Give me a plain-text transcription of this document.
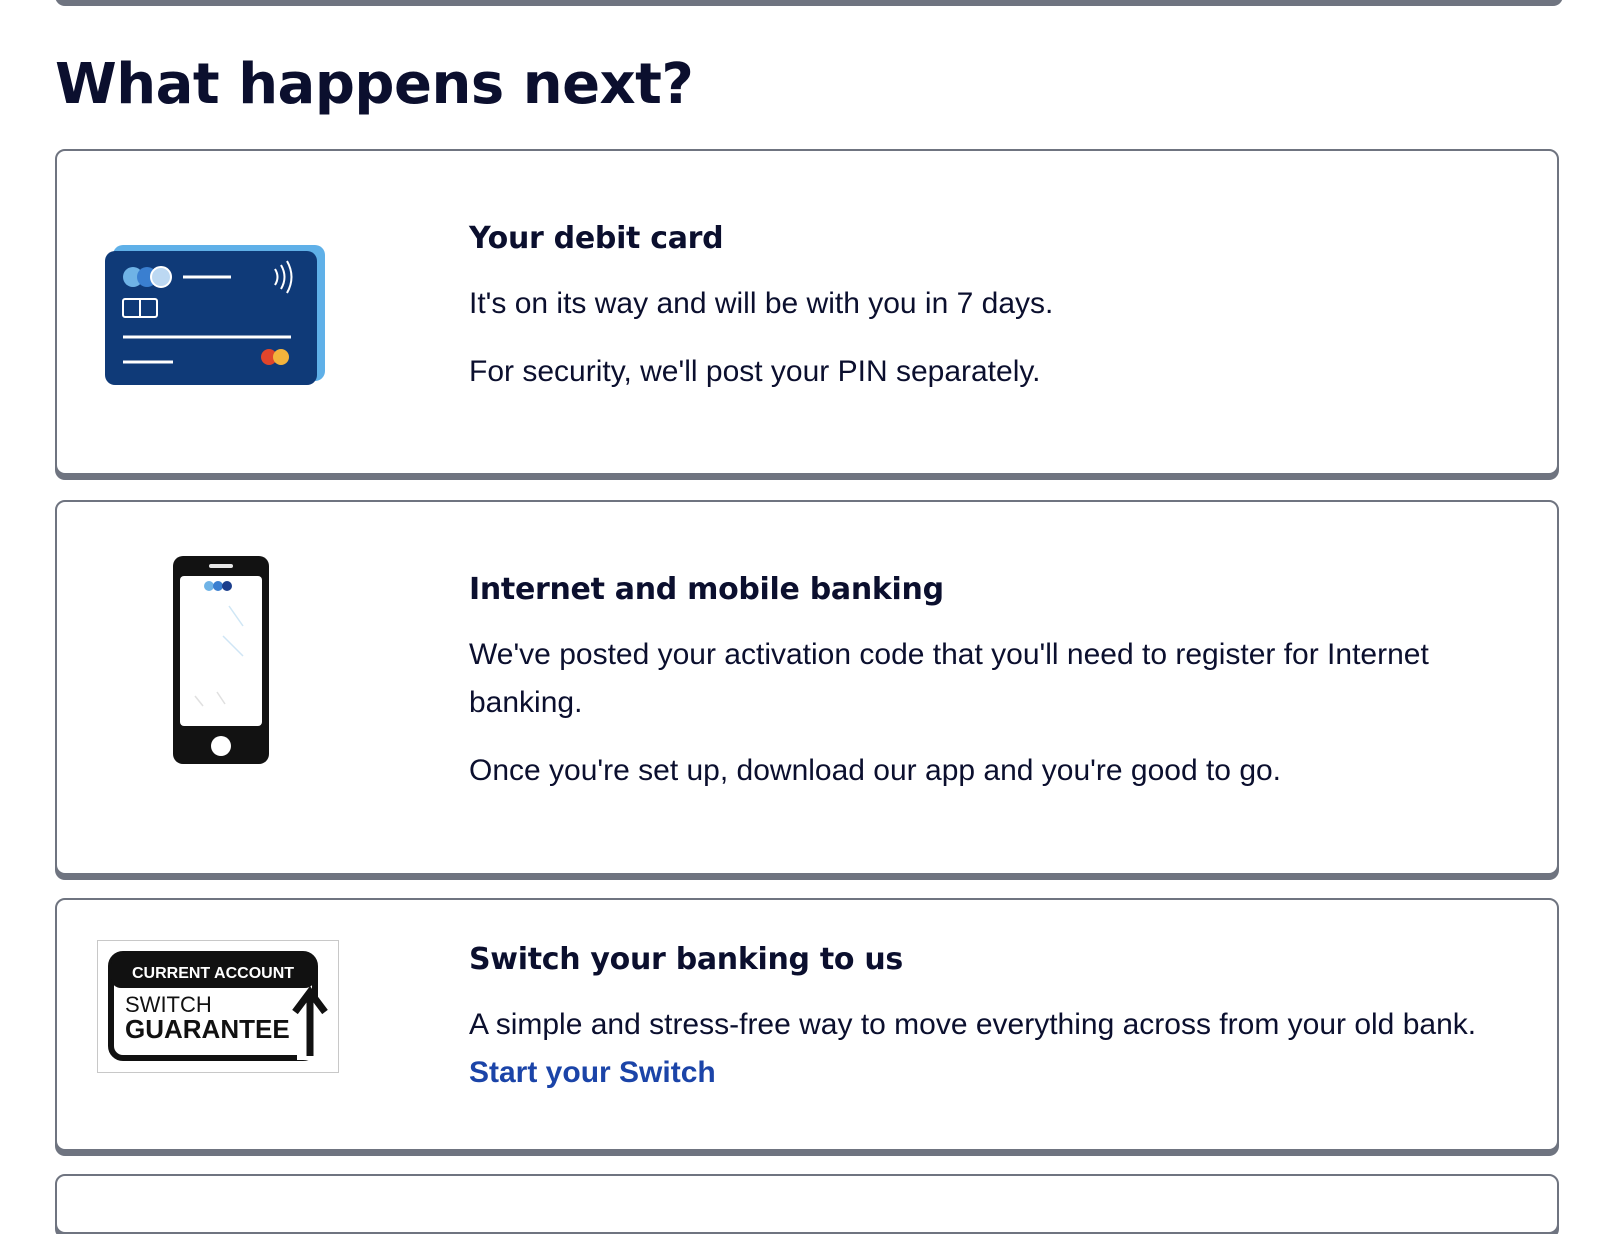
What happens next?
Your debit card

It's on its way and will be with you in 7 days.

For security, we'll post your PIN separately.

Internet and mobile banking

We've posted your activation code that you'll need to register for Internet banking.

Once you're set up, download our app and you're good to go.

CURRENT ACCOUNT
SWITCH
GUARANTEE
Switch your banking to us

A simple and stress-free way to move everything across from your old bank. Start your Switch
